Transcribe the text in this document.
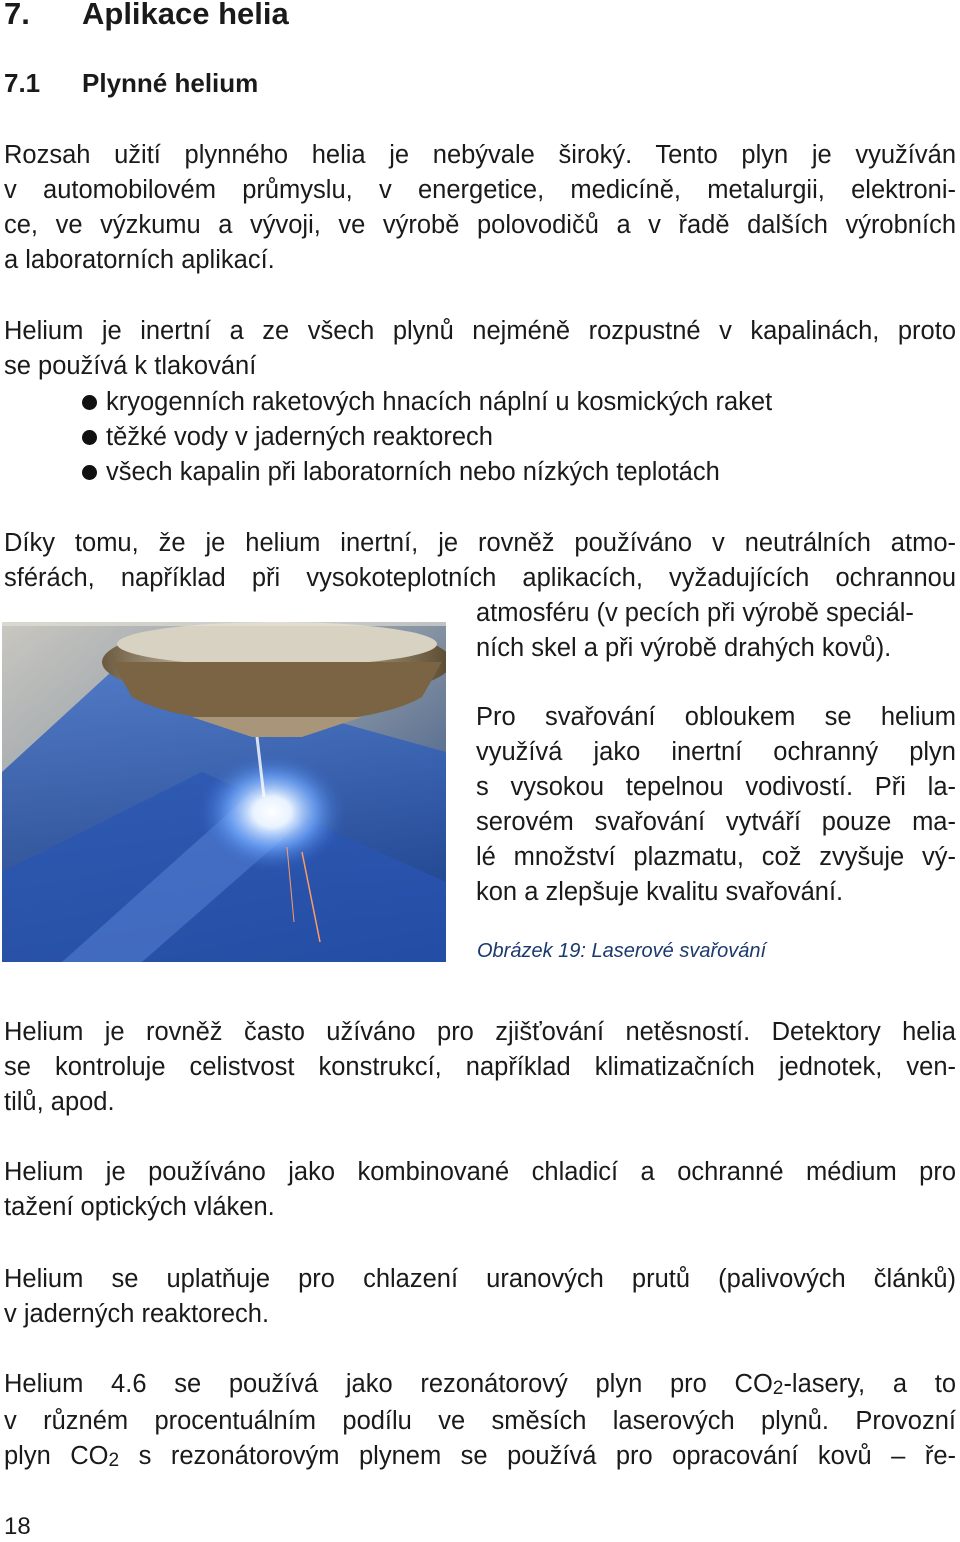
7. Aplikace helia
7.1 Plynné helium
Rozsah užití plynného helia je nebývale široký. Tento plyn je využíván
v automobilovém průmyslu, v energetice, medicíně, metalurgii, elektroni-
ce, ve výzkumu a vývoji, ve výrobě polovodičů a v řadě dalších výrobních
a laboratorních aplikací.
Helium je inertní a ze všech plynů nejméně rozpustné v kapalinách, proto
se používá k tlakování
kryogenních raketových hnacích náplní u kosmických raket
těžké vody v jaderných reaktorech
všech kapalin při laboratorních nebo nízkých teplotách
Díky tomu, že je helium inertní, je rovněž používáno v neutrálních atmo-
sférách, například při vysokoteplotních aplikacích, vyžadujících ochrannou
atmosféru (v pecích při výrobě speciál-
ních skel a při výrobě drahých kovů).
Pro svařování obloukem se helium
využívá jako inertní ochranný plyn
s vysokou tepelnou vodivostí. Při la-
serovém svařování vytváří pouze ma-
lé množství plazmatu, což zvyšuje vý-
kon a zlepšuje kvalitu svařování.
Obrázek 19: Laserové svařování
Helium je rovněž často užíváno pro zjišťování netěsností. Detektory helia
se kontroluje celistvost konstrukcí, například klimatizačních jednotek, ven-
tilů, apod.
Helium je používáno jako kombinované chladicí a ochranné médium pro
tažení optických vláken.
Helium se uplatňuje pro chlazení uranových prutů (palivových článků)
v jaderných reaktorech.
Helium 4.6 se používá jako rezonátorový plyn pro $CO_2$-lasery, a to
v různém procentuálním podílu ve směsích laserových plynů. Provozní
plyn $CO_2$ s rezonátorovým plynem se používá pro opracování kovů – ře-
18
